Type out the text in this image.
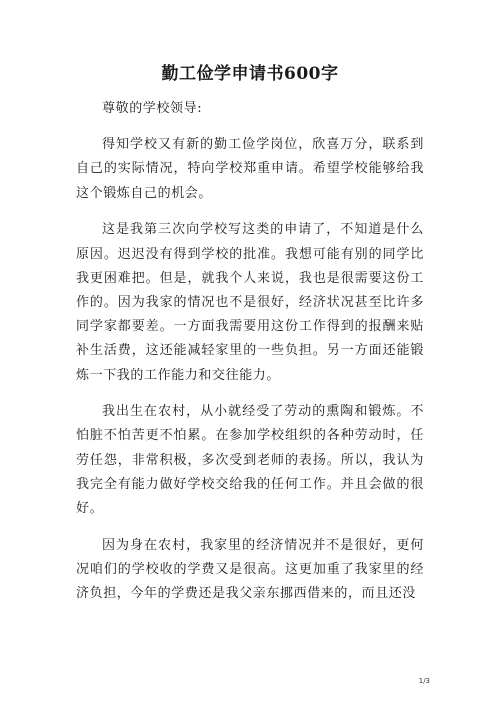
勤工俭学申请书600字

尊敬的学校领导:

得知学校又有新的勤工俭学岗位，欣喜万分，联系到自己的实际情况，特向学校郑重申请。希望学校能够给我这个锻炼自己的机会。

这是我第三次向学校写这类的申请了，不知道是什么原因。迟迟没有得到学校的批准。我想可能有别的同学比我更困难把。但是，就我个人来说，我也是很需要这份工作的。因为我家的情况也不是很好，经济状况甚至比许多同学家都要差。一方面我需要用这份工作得到的报酬来贴补生活费，这还能减轻家里的一些负担。另一方面还能锻炼一下我的工作能力和交往能力。

我出生在农村，从小就经受了劳动的熏陶和锻炼。不怕脏不怕苦更不怕累。在参加学校组织的各种劳动时，任劳任怨，非常积极，多次受到老师的表扬。所以，我认为我完全有能力做好学校交给我的任何工作。并且会做的很好。

因为身在农村，我家里的经济情况并不是很好，更何况咱们的学校收的学费又是很高。这更加重了我家里的经济负担，今年的学费还是我父亲东挪西借来的，而且还没

1/3
